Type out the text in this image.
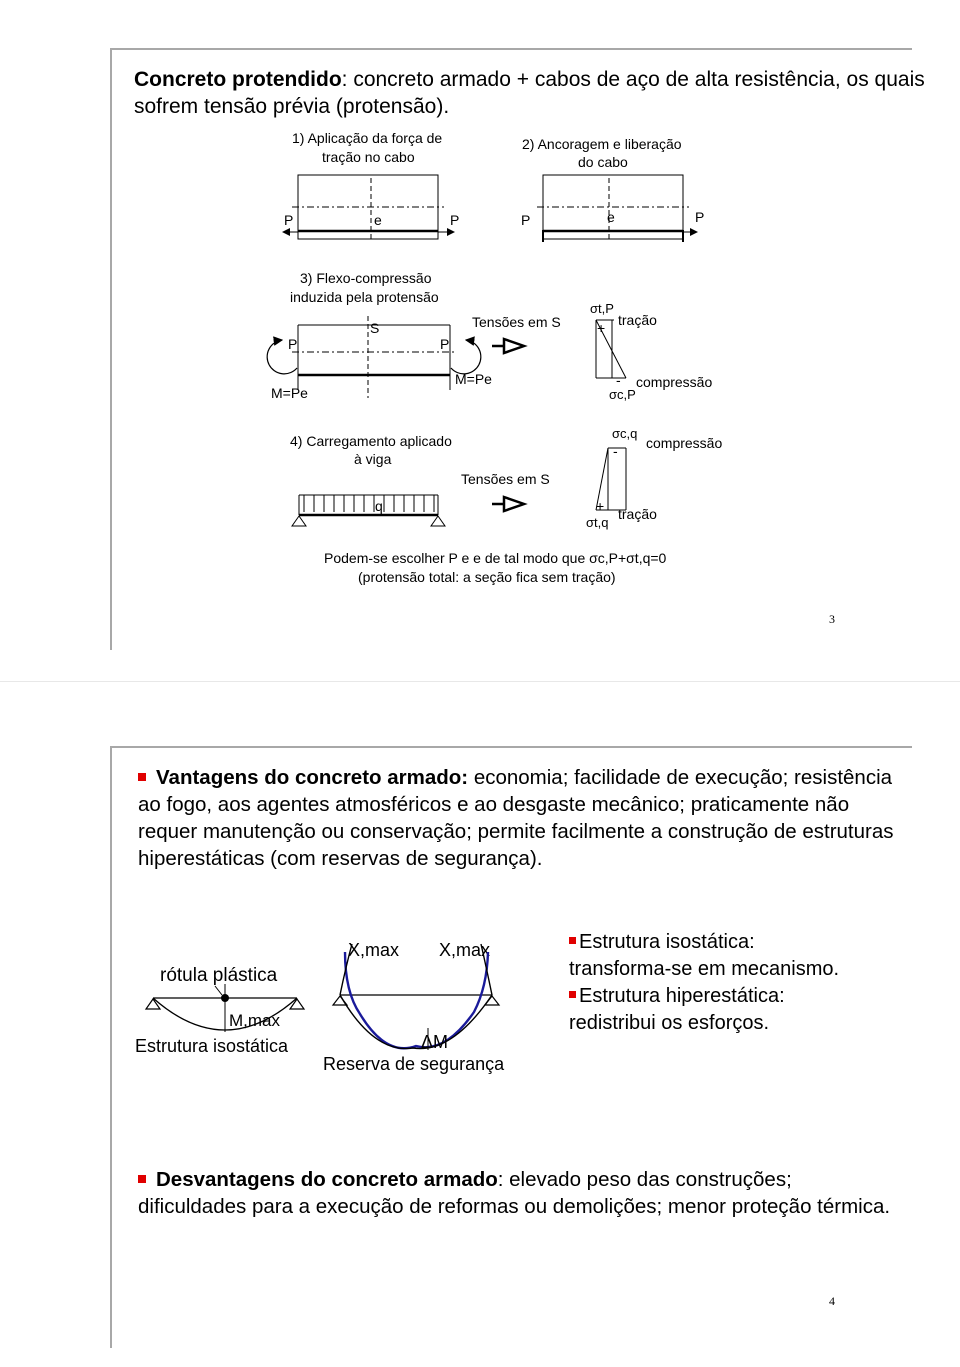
Concreto protendido: concreto armado + cabos de aço de alta resistência, os quais sofrem tensão prévia (protensão).

1) Aplicação da força de
tração no cabo
2) Ancoragem e liberação
do cabo
3) Flexo-compressão
induzida pela protensão
4) Carregamento aplicado
à viga
P	e	P	P	e	P
P
S
P
M=Pe
M=Pe
Tensões em S
σt,P
+ tração
- compressão
σc,P
q
Tensões em S
σc,q
- compressão
+ tração
σt,q
Podem-se escolher P e e de tal modo que σc,P+σt,q=0
(protensão total: a seção fica sem tração)
3

Vantagens do concreto armado: economia; facilidade de execução; resistência ao fogo, aos agentes atmosféricos e ao desgaste mecânico; praticamente não requer manutenção ou conservação; permite facilmente a construção de estruturas hiperestáticas (com reservas de segurança).

rótula plástica
M,max
Estrutura isostática
X,max X,max
ΔM
Reserva de segurança
Estrutura isostática:
transforma-se em mecanismo.
Estrutura hiperestática:
redistribui os esforços.

Desvantagens do concreto armado: elevado peso das construções; dificuldades para a execução de reformas ou demolições; menor proteção térmica.

4
